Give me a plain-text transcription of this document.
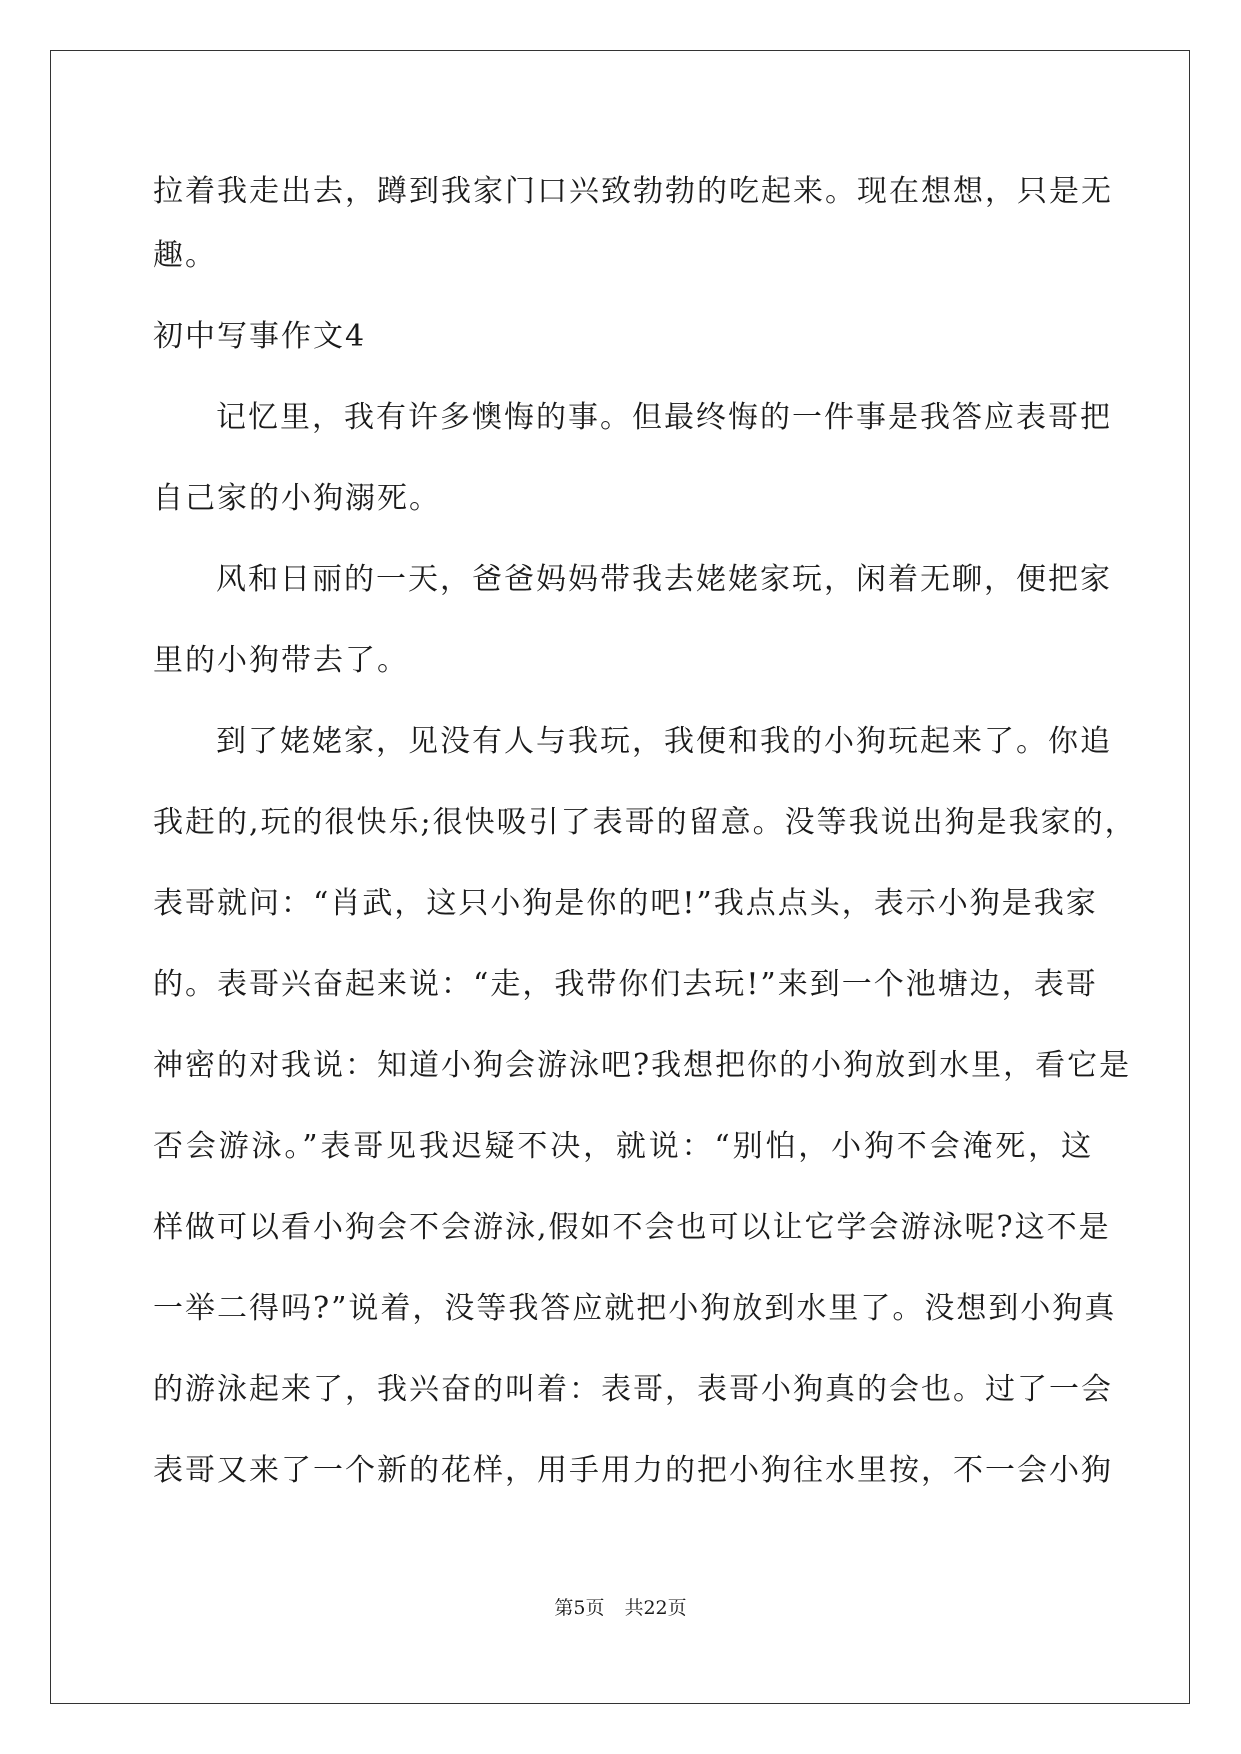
拉着我走出去，蹲到我家门口兴致勃勃的吃起来。现在想想，只是无
趣。
初中写事作文4
记忆里，我有许多懊悔的事。但最终悔的一件事是我答应表哥把
自己家的小狗溺死。
风和日丽的一天，爸爸妈妈带我去姥姥家玩，闲着无聊，便把家
里的小狗带去了。
到了姥姥家，见没有人与我玩，我便和我的小狗玩起来了。你追
我赶的,玩的很快乐;很快吸引了表哥的留意。没等我说出狗是我家的，
表哥就问：“肖武，这只小狗是你的吧!”我点点头，表示小狗是我家
的。表哥兴奋起来说：“走，我带你们去玩!”来到一个池塘边，表哥
神密的对我说：知道小狗会游泳吧?我想把你的小狗放到水里，看它是
否会游泳。”表哥见我迟疑不决，就说：“别怕，小狗不会淹死，这
样做可以看小狗会不会游泳,假如不会也可以让它学会游泳呢?这不是
一举二得吗?”说着，没等我答应就把小狗放到水里了。没想到小狗真
的游泳起来了，我兴奋的叫着：表哥，表哥小狗真的会也。过了一会
表哥又来了一个新的花样，用手用力的把小狗往水里按，不一会小狗
第5页 共22页
